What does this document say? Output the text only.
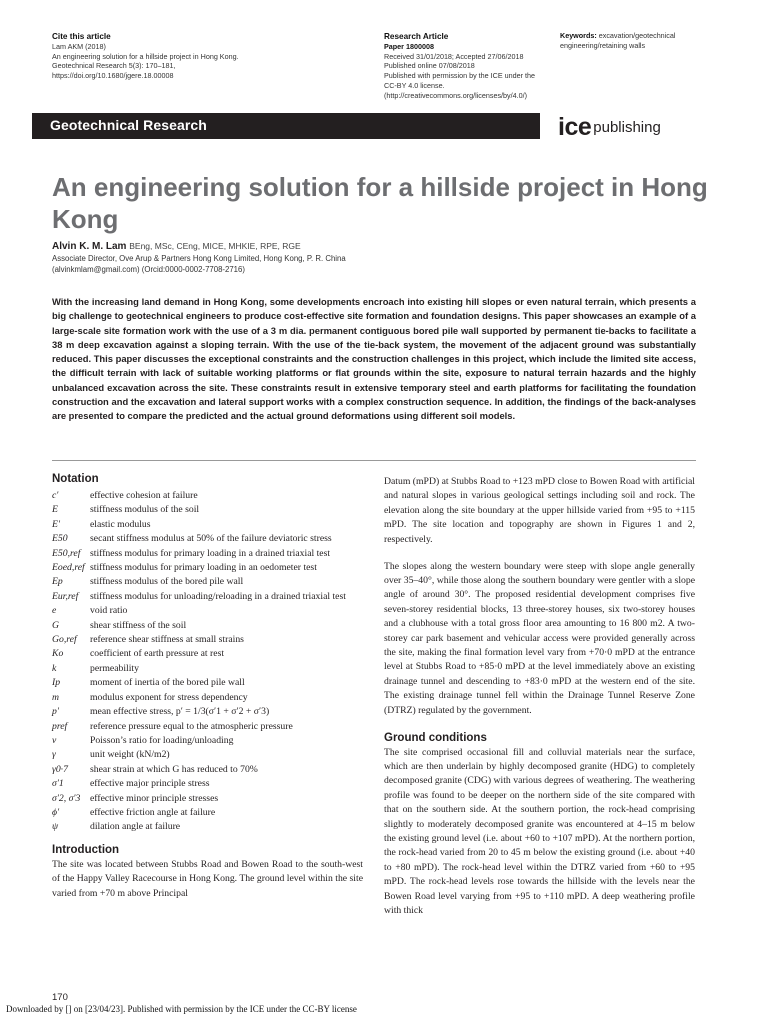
Cite this article
Lam AKM (2018)
An engineering solution for a hillside project in Hong Kong.
Geotechnical Research 5(3): 170–181,
https://doi.org/10.1680/jgere.18.00008
Research Article
Paper 1800008
Received 31/01/2018; Accepted 27/06/2018
Published online 07/08/2018
Published with permission by the ICE under the
CC-BY 4.0 license.
(http://creativecommons.org/licenses/by/4.0/)
Keywords: excavation/geotechnical engineering/retaining walls
Geotechnical Research	ice publishing
An engineering solution for a hillside project in Hong Kong
Alvin K. M. Lam BEng, MSc, CEng, MICE, MHKIE, RPE, RGE
Associate Director, Ove Arup & Partners Hong Kong Limited, Hong Kong, P. R. China (alvinkmlam@gmail.com) (Orcid:0000-0002-7708-2716)
With the increasing land demand in Hong Kong, some developments encroach into existing hill slopes or even natural terrain, which presents a big challenge to geotechnical engineers to produce cost-effective site formation and foundation designs. This paper showcases an example of a large-scale site formation work with the use of a 3 m dia. permanent contiguous bored pile wall supported by permanent tie-backs to facilitate a 38 m deep excavation against a sloping terrain. With the use of the tie-back system, the movement of the adjacent ground was substantially reduced. This paper discusses the exceptional constraints and the construction challenges in this project, which include the limited site access, the difficult terrain with lack of suitable working platforms or flat grounds within the site, exposure to natural terrain hazards and the highly unbalanced excavation across the site. These constraints result in extensive temporary steel and earth platforms for facilitating the foundation construction and the excavation and lateral support works with a complex construction sequence. In addition, the findings of the back-analyses are presented to compare the predicted and the actual ground deformations using different soil models.
Notation
c′	effective cohesion at failure
E	stiffness modulus of the soil
E′	elastic modulus
E50	secant stiffness modulus at 50% of the failure deviatoric stress
E50,ref stiffness modulus for primary loading in a drained triaxial test
Eoed,ref stiffness modulus for primary loading in an oedometer test
Ep	stiffness modulus of the bored pile wall
Eur,ref	stiffness modulus for unloading/reloading in a drained triaxial test
e	void ratio
G	shear stiffness of the soil
Go,ref	reference shear stiffness at small strains
Ko	coefficient of earth pressure at rest
k	permeability
Ip	moment of inertia of the bored pile wall
m	modulus exponent for stress dependency
p′	mean effective stress, p′ = 1/3(σ′1 + σ′2 + σ′3)
pref	reference pressure equal to the atmospheric pressure
v	Poisson’s ratio for loading/unloading
γ	unit weight (kN/m2)
γ0·7	shear strain at which G has reduced to 70%
σ′1	effective major principle stress
σ′2, σ′3 effective minor principle stresses
ϕ′	effective friction angle at failure
ψ	dilation angle at failure
Introduction

The site was located between Stubbs Road and Bowen Road to the south-west of the Happy Valley Racecourse in Hong Kong. The ground level within the site varied from +70 m above Principal

Datum (mPD) at Stubbs Road to +123 mPD close to Bowen Road with artificial and natural slopes in various geological settings including soil and rock. The elevation along the site boundary at the upper hillside varied from +95 to +115 mPD. The site location and topography are shown in Figures 1 and 2, respectively.

The slopes along the western boundary were steep with slope angle generally over 35–40°, while those along the southern boundary were gentler with a slope angle of around 30°. The proposed residential development comprises five seven-storey residential blocks, 13 three-storey houses, six two-storey houses and a clubhouse with a total gross floor area amounting to 16 800 m2. A two-storey car park basement and vehicular access were provided generally across the site, making the final formation level vary from +70·0 mPD at the entrance level at Stubbs Road to +85·0 mPD at the level immediately above an existing drainage tunnel and descending to +83·0 mPD at the western end of the site. The existing drainage tunnel fell within the Drainage Tunnel Reserve Zone (DTRZ) regulated by the government.

Ground conditions

The site comprised occasional fill and colluvial materials near the surface, which are then underlain by highly decomposed granite (HDG) to completely decomposed granite (CDG) with various degrees of weathering. The weathering profile was found to be deeper on the northern side of the site compared with that on the southern side. At the southern portion, the rock-head comprising slightly to moderately decomposed granite was encountered at 4–15 m below the existing ground level (i.e. about +60 to +107 mPD). At the northern portion, the rock-head varied from 20 to 45 m below the existing ground (i.e. about +40 to +80 mPD). The rock-head level within the DTRZ varied from +60 to +95 mPD. The rock-head levels rose towards the hillside with the levels near the Bowen Road level varying from +95 to +110 mPD. A deep weathering profile with thick

170
Downloaded by [] on [23/04/23]. Published with permission by the ICE under the CC-BY license
